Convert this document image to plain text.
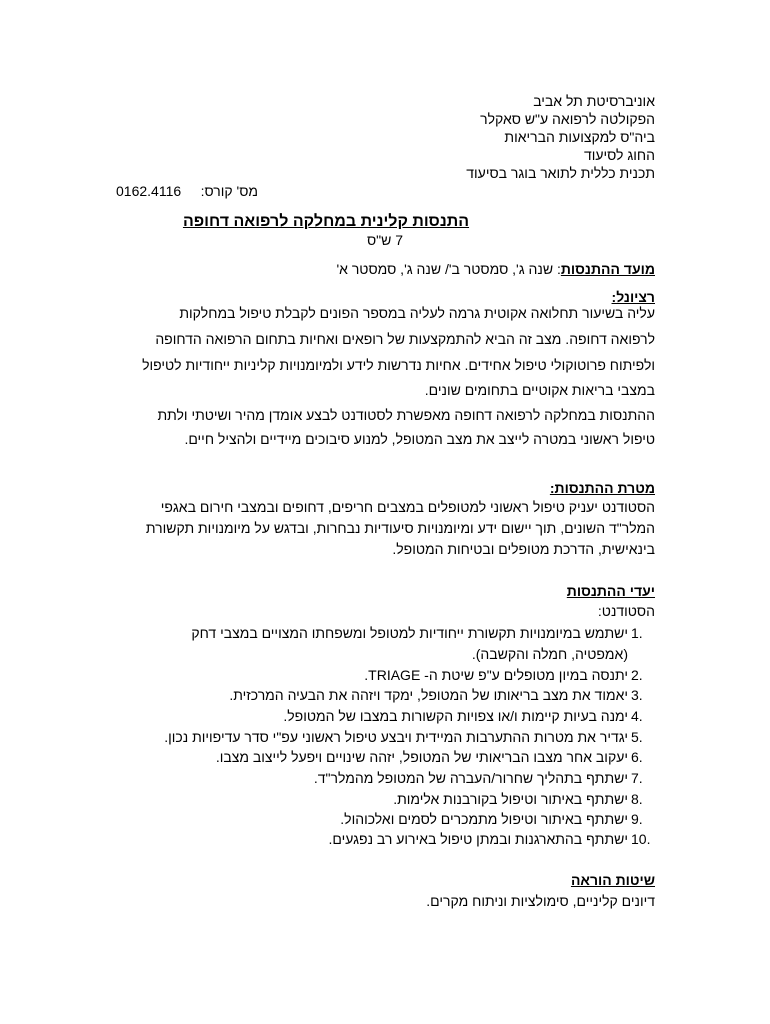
אוניברסיטת תל אביב
הפקולטה לרפואה ע"ש סאקלר
ביה"ס למקצועות הבריאות
החוג לסיעוד
תכנית כללית לתואר בוגר בסיעוד
מס' קורס:
0162.4116
התנסות קלינית במחלקה לרפואה דחופה
7 ש"ס
מועד ההתנסות: שנה ג', סמסטר ב'/ שנה ג', סמסטר א'
רציונל:
עליה בשיעור תחלואה אקוטית גרמה לעליה במספר הפונים לקבלת טיפול במחלקות
לרפואה דחופה. מצב זה הביא להתמקצעות של רופאים ואחיות בתחום הרפואה הדחופה
ולפיתוח פרוטוקולי טיפול אחידים. אחיות נדרשות לידע ולמיומנויות קליניות ייחודיות לטיפול
במצבי בריאות אקוטיים בתחומים שונים.
ההתנסות במחלקה לרפואה דחופה מאפשרת לסטודנט לבצע אומדן מהיר ושיטתי ולתת
טיפול ראשוני במטרה לייצב את מצב המטופל, למנוע סיבוכים מיידיים ולהציל חיים.
מטרת ההתנסות:
הסטודנט יעניק טיפול ראשוני למטופלים במצבים חריפים, דחופים ובמצבי חירום באגפי
המלר"ד השונים, תוך יישום ידע ומיומנויות סיעודיות נבחרות, ובדגש על מיומנויות תקשורת
בינאישית, הדרכת מטופלים ובטיחות המטופל.
יעדי ההתנסות
הסטודנט:
1.
ישתמש במיומנויות תקשורת ייחודיות למטופל ומשפחתו המצויים במצבי דחק
(אמפטיה, חמלה והקשבה).
2.
יתנסה במיון מטופלים ע"פ שיטת ה- TRIAGE.
3.
יאמוד את מצב בריאותו של המטופל, ימקד ויזהה את הבעיה המרכזית.
4.
ימנה בעיות קיימות ו/או צפויות הקשורות במצבו של המטופל.
5.
יגדיר את מטרות ההתערבות המיידית ויבצע טיפול ראשוני עפ"י סדר עדיפויות נכון.
6.
יעקוב אחר מצבו הבריאותי של המטופל, יזהה שינויים ויפעל לייצוב מצבו.
7.
ישתתף בתהליך שחרור/העברה של המטופל מהמלר"ד.
8.
ישתתף באיתור וטיפול בקורבנות אלימות.
9.
ישתתף באיתור וטיפול מתמכרים לסמים ואלכוהול.
10.
ישתתף בהתארגנות ובמתן טיפול באירוע רב נפגעים.
שיטות הוראה
דיונים קליניים, סימולציות וניתוח מקרים.
